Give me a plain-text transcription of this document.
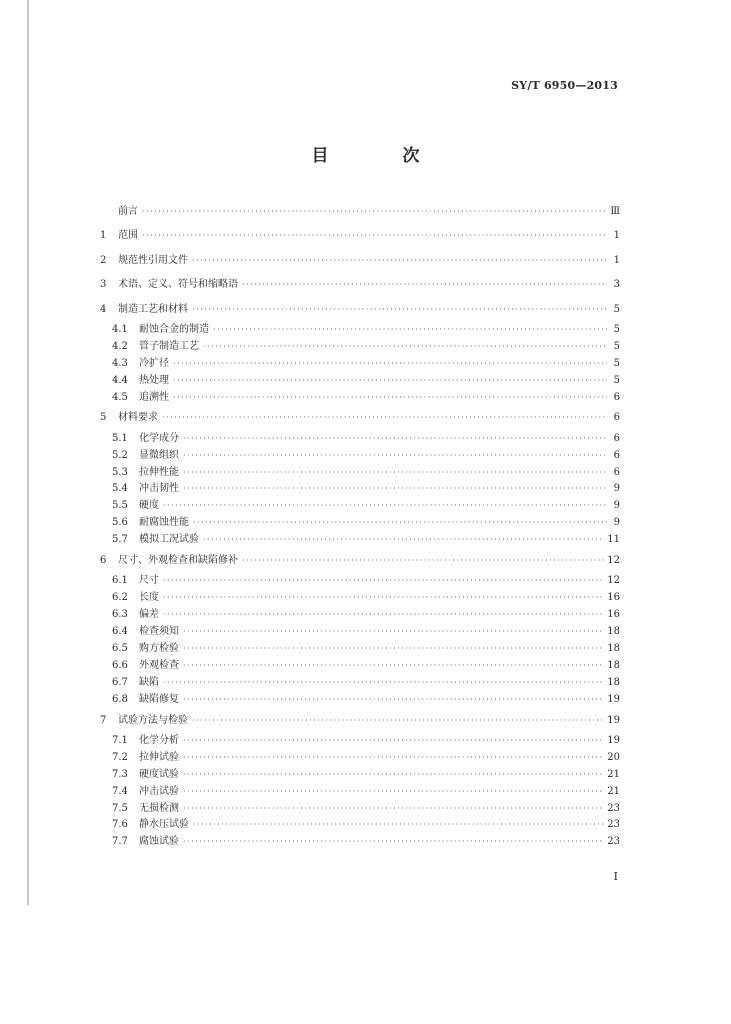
SY/T 6950—2013
目 次
前言 ·····	Ⅲ
1	范围 ·····	1
2	规范性引用文件 ·····	1
3	术语、定义、符号和缩略语 ·····	3
4	制造工艺和材料 ·····	5
4.1	耐蚀合金的制造 ·····	5
4.2	管子制造工艺 ·····	5
4.3	冷扩径 ·····	5
4.4	热处理 ·····	5
4.5	追溯性 ·····	6
5	材料要求 ·····	6
5.1	化学成分 ·····	6
5.2	显微组织 ·····	6
5.3	拉伸性能 ·····	6
5.4	冲击韧性 ·····	9
5.5	硬度 ·····	9
5.6	耐腐蚀性能 ·····	9
5.7	模拟工况试验 ·····	11
6	尺寸、外观检查和缺陷修补 ·····	12
6.1	尺寸 ·····	12
6.2	长度 ·····	16
6.3	偏差 ·····	16
6.4	检查须知 ·····	18
6.5	购方检验 ·····	18
6.6	外观检查 ·····	18
6.7	缺陷 ·····	18
6.8	缺陷修复 ·····	19
7	试验方法与检验 ·····	19
7.1	化学分析 ·····	19
7.2	拉伸试验 ·····	20
7.3	硬度试验 ·····	21
7.4	冲击试验 ·····	21
7.5	无损检测 ·····	23
7.6	静水压试验 ·····	23
7.7	腐蚀试验 ·····	23
I
